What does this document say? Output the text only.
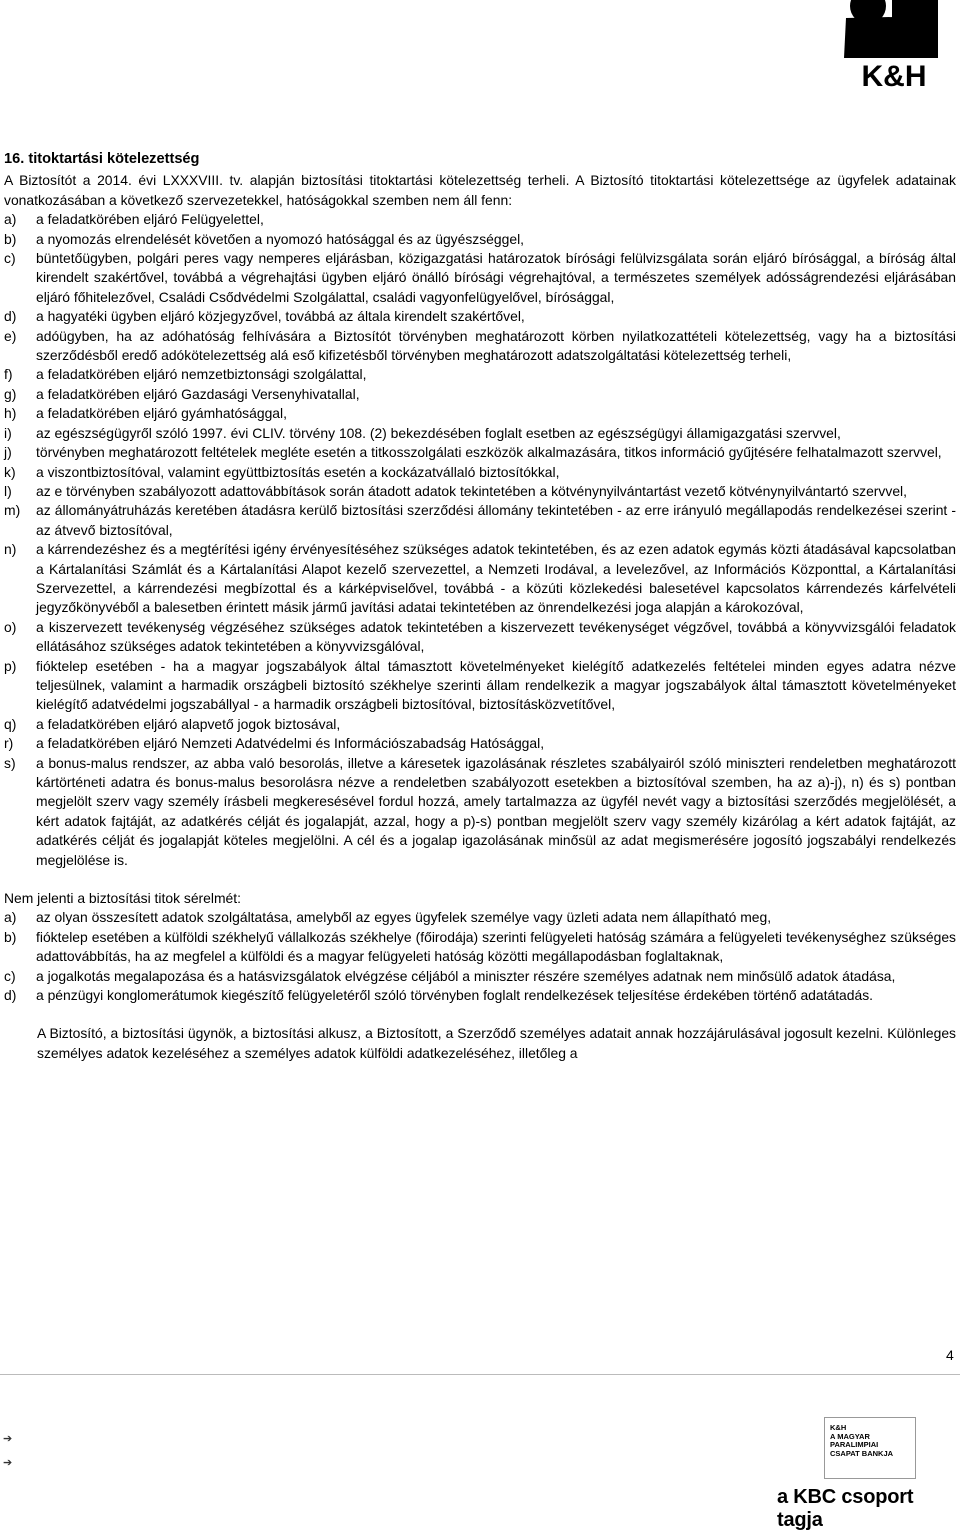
K&H
16. titoktartási kötelezettség

A Biztosítót a 2014. évi LXXXVIII. tv. alapján biztosítási titoktartási kötelezettség terheli. A Biztosító titoktartási kötelezettsége az ügyfelek adatainak vonatkozásában a következő szervezetekkel, hatóságokkal szemben nem áll fenn:

a)	a feladatkörében eljáró Felügyelettel,
b)	a nyomozás elrendelését követően a nyomozó hatósággal és az ügyészséggel,
c)	büntetőügyben, polgári peres vagy nemperes eljárásban, közigazgatási határozatok bírósági felülvizsgálata során eljáró bírósággal, a bíróság által kirendelt szakértővel, továbbá a végrehajtási ügyben eljáró önálló bírósági végrehajtóval, a természetes személyek adósságrendezési eljárásában eljáró főhitelezővel, Családi Csődvédelmi Szolgálattal, családi vagyonfelügyelővel, bírósággal,
d)	a hagyatéki ügyben eljáró közjegyzővel, továbbá az általa kirendelt szakértővel,
e)	adóügyben, ha az adóhatóság felhívására a Biztosítót törvényben meghatározott körben nyilatkozattételi kötelezettség, vagy ha a biztosítási szerződésből eredő adókötelezettség alá eső kifizetésből törvényben meghatározott adatszolgáltatási kötelezettség terheli,
f)	a feladatkörében eljáró nemzetbiztonsági szolgálattal,
g)	a feladatkörében eljáró Gazdasági Versenyhivatallal,
h)	a feladatkörében eljáró gyámhatósággal,
i)	az egészségügyről szóló 1997. évi CLIV. törvény 108. (2) bekezdésében foglalt esetben az egészségügyi államigazgatási szervvel,
j)	törvényben meghatározott feltételek megléte esetén a titkosszolgálati eszközök alkalmazására, titkos információ gyűjtésére felhatalmazott szervvel,
k)	a viszontbiztosítóval, valamint együttbiztosítás esetén a kockázatvállaló biztosítókkal,
l)	az e törvényben szabályozott adattovábbítások során átadott adatok tekintetében a kötvénynyilvántartást vezető kötvénynyilvántartó szervvel,
m)	az állományátruházás keretében átadásra kerülő biztosítási szerződési állomány tekintetében - az erre irányuló megállapodás rendelkezései szerint - az átvevő biztosítóval,
n)	a kárrendezéshez és a megtérítési igény érvényesítéséhez szükséges adatok tekintetében, és az ezen adatok egymás közti átadásával kapcsolatban a Kártalanítási Számlát és a Kártalanítási Alapot kezelő szervezettel, a Nemzeti Irodával, a levelezővel, az Információs Központtal, a Kártalanítási Szervezettel, a kárrendezési megbízottal és a kárképviselővel, továbbá - a közúti közlekedési balesetével kapcsolatos kárrendezés kárfelvételi jegyzőkönyvéből a balesetben érintett másik jármű javítási adatai tekintetében az önrendelkezési joga alapján a károkozóval,
o)	a kiszervezett tevékenység végzéséhez szükséges adatok tekintetében a kiszervezett tevékenységet végzővel, továbbá a könyvvizsgálói feladatok ellátásához szükséges adatok tekintetében a könyvvizsgálóval,
p)	fióktelep esetében - ha a magyar jogszabályok által támasztott követelményeket kielégítő adatkezelés feltételei minden egyes adatra nézve teljesülnek, valamint a harmadik országbeli biztosító székhelye szerinti állam rendelkezik a magyar jogszabályok által támasztott követelményeket kielégítő adatvédelmi jogszabállyal - a harmadik országbeli biztosítóval, biztosításközvetítővel,
q)	a feladatkörében eljáró alapvető jogok biztosával,
r)	a feladatkörében eljáró Nemzeti Adatvédelmi és Információszabadság Hatósággal,
s)	a bonus-malus rendszer, az abba való besorolás, illetve a káresetek igazolásának részletes szabályairól szóló miniszteri rendeletben meghatározott kártörténeti adatra és bonus-malus besorolásra nézve a rendeletben szabályozott esetekben a biztosítóval szemben, ha az a)-j), n) és s) pontban megjelölt szerv vagy személy írásbeli megkeresésével fordul hozzá, amely tartalmazza az ügyfél nevét vagy a biztosítási szerződés megjelölését, a kért adatok fajtáját, az adatkérés célját és jogalapját, azzal, hogy a p)-s) pontban megjelölt szerv vagy személy kizárólag a kért adatok fajtáját, az adatkérés célját és jogalapját köteles megjelölni. A cél és a jogalap igazolásának minősül az adat megismerésére jogosító jogszabályi rendelkezés megjelölése is.
Nem jelenti a biztosítási titok sérelmét:
a)	az olyan összesített adatok szolgáltatása, amelyből az egyes ügyfelek személye vagy üzleti adata nem állapítható meg,
b)	fióktelep esetében a külföldi székhelyű vállalkozás székhelye (főirodája) szerinti felügyeleti hatóság számára a felügyeleti tevékenységhez szükséges adattovábbítás, ha az megfelel a külföldi és a magyar felügyeleti hatóság közötti megállapodásban foglaltaknak,
c)	a jogalkotás megalapozása és a hatásvizsgálatok elvégzése céljából a miniszter részére személyes adatnak nem minősülő adatok átadása,
d)	a pénzügyi konglomerátumok kiegészítő felügyeletéről szóló törvényben foglalt rendelkezések teljesítése érdekében történő adatátadás.

A Biztosító, a biztosítási ügynök, a biztosítási alkusz, a Biztosított, a Szerződő személyes adatait annak hozzájárulásával jogosult kezelni. Különleges személyes adatok kezeléséhez a személyes adatok külföldi adatkezeléséhez, illetőleg a

4
➔
➔
K&H
A MAGYAR
PARALIMPIAI
CSAPAT BANKJA
a KBC csoport tagja
